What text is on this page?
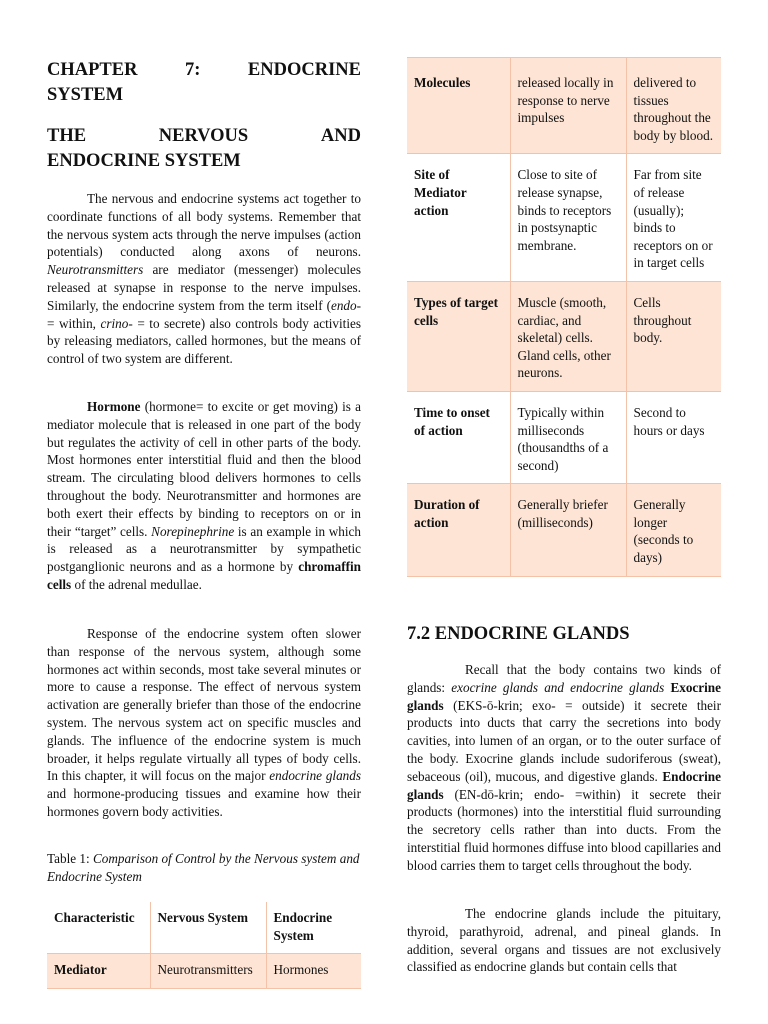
CHAPTER	7:	ENDOCRINE
SYSTEM
THE	NERVOUS	AND
ENDOCRINE SYSTEM

The nervous and endocrine systems act together to coordinate functions of all body systems. Remember that the nervous system acts through the nerve impulses (action potentials) conducted along axons of neurons. Neurotransmitters are mediator (messenger) molecules released at synapse in response to the nerve impulses. Similarly, the endocrine system from the term itself (endo- = within, crino- = to secrete) also controls body activities by releasing mediators, called hormones, but the means of control of two system are different.

Hormone (hormone= to excite or get moving) is a mediator molecule that is released in one part of the body but regulates the activity of cell in other parts of the body. Most hormones enter interstitial fluid and then the blood stream. The circulating blood delivers hormones to cells throughout the body. Neurotransmitter and hormones are both exert their effects by binding to receptors on or in their “target” cells. Norepinephrine is an example in which is released as a neurotransmitter by sympathetic postganglionic neurons and as a hormone by chromaffin cells of the adrenal medullae.

Response of the endocrine system often slower than response of the nervous system, although some hormones act within seconds, most take several minutes or more to cause a response. The effect of nervous system activation are generally briefer than those of the endocrine system. The nervous system act on specific muscles and glands. The influence of the endocrine system is much broader, it helps regulate virtually all types of body cells. In this chapter, it will focus on the major endocrine glands and hormone-producing tissues and examine how their hormones govern body activities.

Table 1: Comparison of Control by the Nervous system and Endocrine System
Characteristic	Nervous System	Endocrine System
Mediator	Neurotransmitters	Hormones
Molecules	released locally in response to nerve impulses	delivered to tissues throughout the body by blood.
Site of Mediator action	Close to site of release synapse, binds to receptors in postsynaptic membrane.	Far from site of release (usually); binds to receptors on or in target cells
Types of target cells	Muscle (smooth, cardiac, and skeletal) cells. Gland cells, other neurons.	Cells throughout body.
Time to onset of action	Typically within milliseconds (thousandths of a second)	Second to hours or days
Duration of action	Generally briefer (milliseconds)	Generally longer (seconds to days)
7.2 ENDOCRINE GLANDS

Recall that the body contains two kinds of glands: exocrine glands and endocrine glands Exocrine glands (EKS-ō-krin; exo- = outside) it secrete their products into ducts that carry the secretions into body cavities, into lumen of an organ, or to the outer surface of the body. Exocrine glands include sudoriferous (sweat), sebaceous (oil), mucous, and digestive glands. Endocrine glands (EN-dō-krin; endo- =within) it secrete their products (hormones) into the interstitial fluid surrounding the secretory cells rather than into ducts. From the interstitial fluid hormones diffuse into blood capillaries and blood carries them to target cells throughout the body.

The endocrine glands include the pituitary, thyroid, parathyroid, adrenal, and pineal glands. In addition, several organs and tissues are not exclusively classified as endocrine glands but contain cells that
